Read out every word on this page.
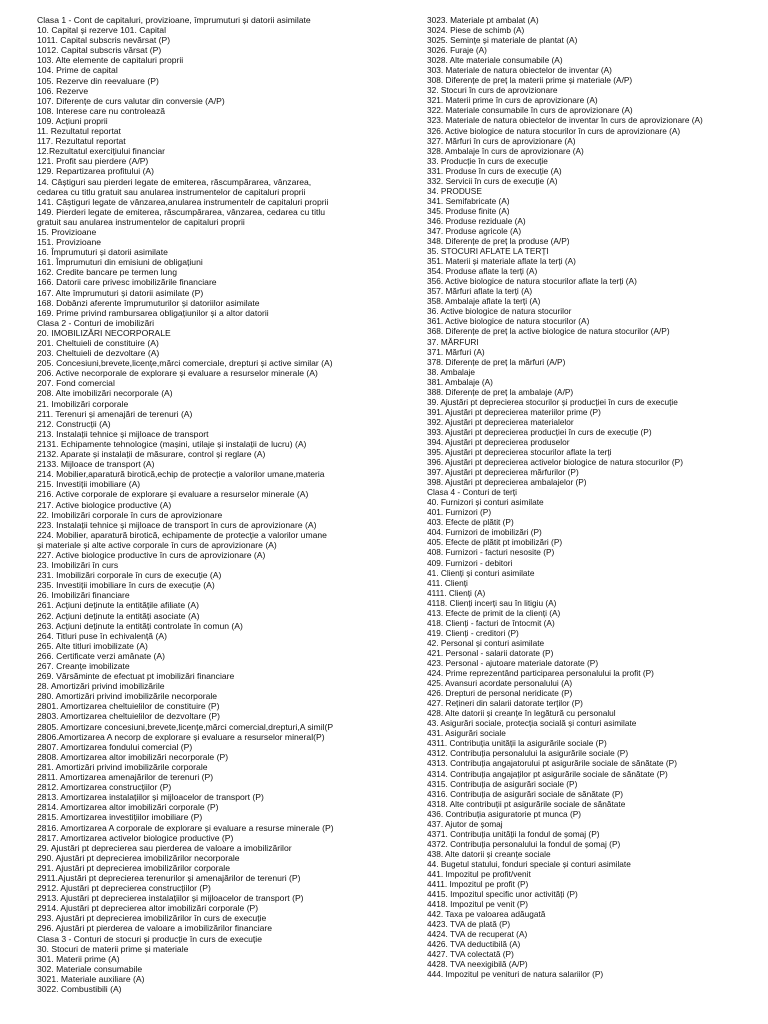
Clasa 1 - Cont de capitaluri, provizioane, împrumuturi și datorii asimilate
10. Capital și rezerve 101. Capital
1011. Capital subscris nevărsat (P)
1012. Capital subscris vărsat (P)
103. Alte elemente de capitaluri proprii
104. Prime de capital
105. Rezerve din reevaluare (P)
106. Rezerve
107. Diferențe de curs valutar din conversie (A/P)
108. Interese care nu controlează
109. Acțiuni proprii
11. Rezultatul reportat
117. Rezultatul reportat
12.Rezultatul exercițiului financiar
121. Profit sau pierdere (A/P)
129. Repartizarea profitului (A)
14. Câștiguri sau pierderi legate de emiterea, răscumpărarea, vânzarea,
cedarea cu titlu gratuit sau anularea instrumentelor de capitaluri proprii
141. Câștiguri legate de vânzarea,anularea instrumentelr de capitaluri proprii
149. Pierderi legate de emiterea, răscumpărarea, vânzarea, cedarea cu titlu
gratuit sau anularea instrumentelor de capitaluri proprii
15. Provizioane
151. Provizioane
16. Împrumuturi și datorii asimilate
161. Împrumuturi din emisiuni de obligațiuni
162. Credite bancare pe termen lung
166. Datorii care privesc imobilizările financiare
167. Alte împrumuturi și datorii asimilate (P)
168. Dobânzi aferente împrumuturilor și datoriilor asimilate
169. Prime privind rambursarea obligațiunilor și a altor datorii
Clasa 2 - Conturi de imobilizări
20. IMOBILIZĂRI NECORPORALE
201. Cheltuieli de constituire (A)
203. Cheltuieli de dezvoltare (A)
205. Concesiuni,brevete,licențe,mărci comerciale, drepturi și active similar (A)
206. Active necorporale de explorare și evaluare a resurselor minerale (A)
207. Fond comercial
208. Alte imobilizări necorporale (A)
21. Imobilizări corporale
211. Terenuri și amenajări de terenuri (A)
212. Construcții (A)
213. Instalații tehnice și mijloace de transport
2131. Echipamente tehnologice (mașini, utilaje și instalații de lucru) (A)
2132. Aparate și instalații de măsurare, control și reglare (A)
2133. Mijloace de transport (A)
214. Mobilier,aparatură birotică,echip de protecție a valorilor umane,materia
215. Investiții imobiliare (A)
216. Active corporale de explorare și evaluare a resurselor minerale (A)
217. Active biologice productive (A)
22. Imobilizări corporale în curs de aprovizionare
223. Instalații tehnice și mijloace de transport în curs de aprovizionare (A)
224. Mobilier, aparatură birotică, echipamente de protecție a valorilor umane
și materiale și alte active corporale în curs de aprovizionare (A)
227. Active biologice productive în curs de aprovizionare (A)
23. Imobilizări în curs
231. Imobilizări corporale în curs de execuție (A)
235. Investiții imobiliare în curs de execuție (A)
26. Imobilizări financiare
261. Acțiuni deținute la entitățile afiliate (A)
262. Acțiuni deținute la entități asociate (A)
263. Acțiuni deținute la entități controlate în comun (A)
264. Titluri puse în echivalență (A)
265. Alte titluri imobilizate (A)
266. Certificate verzi amânate (A)
267. Creanțe imobilizate
269. Vărsăminte de efectuat pt imobilizări financiare
28. Amortizări privind imobilizările
280. Amortizări privind imobilizările necorporale
2801. Amortizarea cheltuielilor de constituire (P)
2803. Amortizarea cheltuielilor de dezvoltare (P)
2805. Amortizare concesiuni,brevete,licențe,mărci comercial,drepturi,A simil(P
2806.Amortizarea A necorp de explorare și evaluare a resurselor mineral(P)
2807. Amortizarea fondului comercial (P)
2808. Amortizarea altor imobilizări necorporale (P)
281. Amortizări privind imobilizările corporale
2811. Amortizarea amenajărilor de terenuri (P)
2812. Amortizarea construcțiilor (P)
2813. Amortizarea instalațiilor și mijloacelor de transport (P)
2814. Amortizarea altor imobilizări corporale (P)
2815. Amortizarea investițiilor imobiliare (P)
2816. Amortizarea A corporale de explorare și evaluare a resurse minerale (P)
2817. Amortizarea activelor biologice productive (P)
29. Ajustări pt deprecierea sau pierderea de valoare a imobilizărilor
290. Ajustări pt deprecierea imobilizărilor necorporale
291. Ajustări pt deprecierea imobilizărilor corporale
2911.Ajustări pt deprecierea terenurilor și amenajărilor de terenuri (P)
2912. Ajustări pt deprecierea construcțiilor (P)
2913. Ajustări pt deprecierea instalațiilor și mijloacelor de transport (P)
2914. Ajustări pt deprecierea altor imobilizări corporale (P)
293. Ajustări pt deprecierea imobilizărilor în curs de execuție
296. Ajustări pt pierderea de valoare a imobilizărilor financiare
Clasa 3 - Conturi de stocuri și producție în curs de execuție
30. Stocuri de materii prime și materiale
301. Materii prime (A)
302. Materiale consumabile
3021. Materiale auxiliare (A)
3022. Combustibili (A)
3023. Materiale pt ambalat (A)
3024. Piese de schimb (A)
3025. Semințe și materiale de plantat (A)
3026. Furaje (A)
3028. Alte materiale consumabile (A)
303. Materiale de natura obiectelor de inventar (A)
308. Diferențe de preț la materii prime și materiale (A/P)
32. Stocuri în curs de aprovizionare
321. Materii prime în curs de aprovizionare (A)
322. Materiale consumabile în curs de aprovizionare (A)
323. Materiale de natura obiectelor de inventar în curs de aprovizionare (A)
326. Active biologice de natura stocurilor în curs de aprovizionare (A)
327. Mărfuri în curs de aprovizionare (A)
328. Ambalaje în curs de aprovizionare (A)
33. Producție în curs de execuție
331. Produse în curs de execuție (A)
332. Servicii în curs de execuție (A)
34. PRODUSE
341. Semifabricate (A)
345. Produse finite (A)
346. Produse reziduale (A)
347. Produse agricole (A)
348. Diferențe de preț la produse (A/P)
35. STOCURI AFLATE LA TERȚI
351. Materii și materiale aflate la terți (A)
354. Produse aflate la terți (A)
356. Active biologice de natura stocurilor aflate la terți (A)
357. Mărfuri aflate la terți (A)
358. Ambalaje aflate la terți (A)
36. Active biologice de natura stocurilor
361. Active biologice de natura stocurilor (A)
368. Diferențe de preț la active biologice de natura stocurilor (A/P)
37. MĂRFURI
371. Mărfuri (A)
378. Diferențe de preț la mărfuri (A/P)
38. Ambalaje
381. Ambalaje (A)
388. Diferențe de preț la ambalaje (A/P)
39. Ajustări pt deprecierea stocurilor și producției în curs de execuție
391. Ajustări pt deprecierea materiilor prime (P)
392. Ajustări pt deprecierea materialelor
393. Ajustări pt deprecierea producției în curs de execuție (P)
394. Ajustări pt deprecierea produselor
395. Ajustări pt deprecierea stocurilor aflate la terți
396. Ajustări pt deprecierea activelor biologice de natura stocurilor (P)
397. Ajustări pt deprecierea mărfurilor (P)
398. Ajustări pt deprecierea ambalajelor (P)
Clasa 4 - Conturi de terți
40. Furnizori și conturi asimilate
401. Furnizori (P)
403. Efecte de plătit (P)
404. Furnizori de imobilizări (P)
405. Efecte de plătit pt imobilizări (P)
408. Furnizori - facturi nesosite (P)
409. Furnizori - debitori
41. Clienți și conturi asimilate
411. Clienți
4111. Clienți (A)
4118. Clienți incerți sau în litigiu (A)
413. Efecte de primit de la clienți (A)
418. Clienți - facturi de întocmit (A)
419. Clienți - creditori (P)
42. Personal și conturi asimilate
421. Personal - salarii datorate (P)
423. Personal - ajutoare materiale datorate (P)
424. Prime reprezentând participarea personalului la profit (P)
425. Avansuri acordate personalului (A)
426. Drepturi de personal neridicate (P)
427. Rețineri din salarii datorate terților (P)
428. Alte datorii și creanțe în legătură cu personalul
43. Asigurări sociale, protecția socială și conturi asimilate
431. Asigurări sociale
4311. Contribuția unității la asigurările sociale (P)
4312. Contribuția personalului la asigurările sociale (P)
4313. Contribuția angajatorului pt asigurările sociale de sănătate (P)
4314. Contribuția angajaților pt asigurările sociale de sănătate (P)
4315. Contribuția de asigurări sociale (P)
4316. Contribuția de asigurări sociale de sănătate (P)
4318. Alte contribuții pt asigurările sociale de sănătate
436. Contribuția asiguratorie pt munca (P)
437. Ajutor de șomaj
4371. Contribuția unității la fondul de șomaj (P)
4372. Contribuția personalului la fondul de șomaj (P)
438. Alte datorii și creanțe sociale
44. Bugetul statului, fonduri speciale și conturi asimilate
441. Impozitul pe profit/venit
4411. Impozitul pe profit (P)
4415. Impozitul specific unor activități (P)
4418. Impozitul pe venit (P)
442. Taxa pe valoarea adăugată
4423. TVA de plată (P)
4424. TVA de recuperat (A)
4426. TVA deductibilă (A)
4427. TVA colectată (P)
4428. TVA neexigibilă (A/P)
444. Impozitul pe venituri de natura salariilor (P)
